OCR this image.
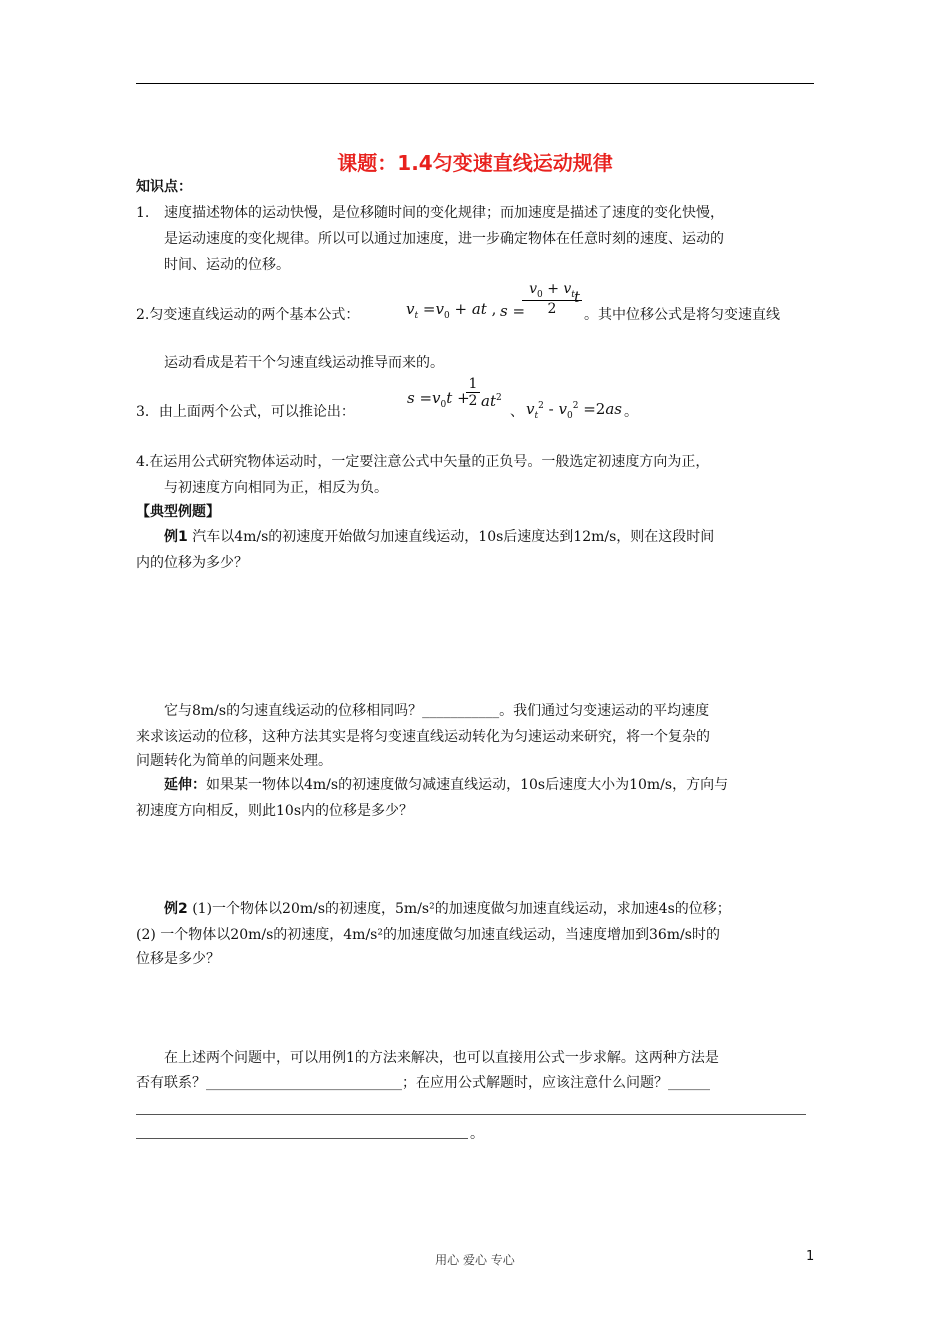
课题：1.4匀变速直线运动规律
知识点：
1. 速度描述物体的运动快慢，是位移随时间的变化规律；而加速度是描述了速度的变化快慢，
是运动速度的变化规律。所以可以通过加速度，进一步确定物体在任意时刻的速度、运动的
时间、运动的位移。
2.匀变速直线运动的两个基本公式：	$v_t =v_0$ + at , s =
$v_0 + v_t$
2
t
。其中位移公式是将匀变速直线
运动看成是若干个匀速直线运动推导而来的。
3．由上面两个公式，可以推论出：
$s =v_0t$ +
1
2 $at^2$
、 $v_t^2 - v_0^2 =2as$ 。
4.在运用公式研究物体运动时，一定要注意公式中矢量的正负号。一般选定初速度方向为正，
与初速度方向相同为正，相反为负。
【典型例题】
例1 汽车以4m/s的初速度开始做匀加速直线运动，10s后速度达到12m/s，则在这段时间
内的位移为多少？
它与8m/s的匀速直线运动的位移相同吗？___________。我们通过匀变速运动的平均速度
来求该运动的位移，这种方法其实是将匀变速直线运动转化为匀速运动来研究，将一个复杂的
问题转化为简单的问题来处理。
延伸：如果某一物体以4m/s的初速度做匀减速直线运动，10s后速度大小为10m/s，方向与
初速度方向相反，则此10s内的位移是多少？
例2 (1)一个物体以20m/s的初速度，5m/s²的加速度做匀加速直线运动，求加速4s的位移；
(2) 一个物体以20m/s的初速度，4m/s²的加速度做匀加速直线运动，当速度增加到36m/s时的
位移是多少？
在上述两个问题中，可以用例1的方法来解决，也可以直接用公式一步求解。这两种方法是
否有联系？____________________________；在应用公式解题时，应该注意什么问题？______
。
用心 爱心 专心	1
